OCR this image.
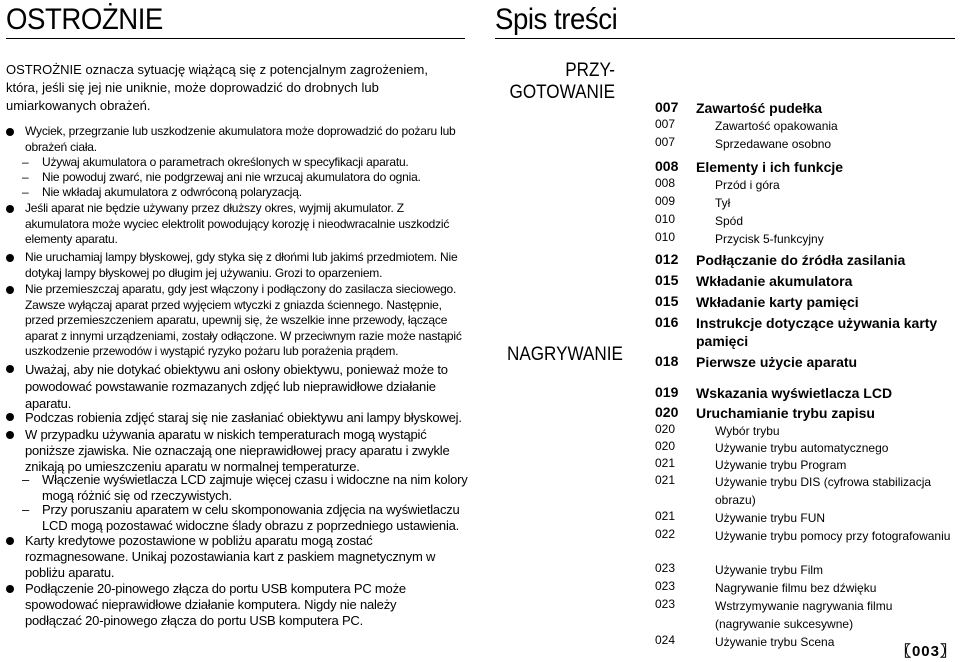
OSTROŻNIE
OSTROŻNIE oznacza sytuację wiążącą się z potencjalnym zagrożeniem, która, jeśli się jej nie uniknie, może doprowadzić do drobnych lub umiarkowanych obrażeń.
Wyciek, przegrzanie lub uszkodzenie akumulatora może doprowadzić do pożaru lub obrażeń ciała.
– Używaj akumulatora o parametrach określonych w specyfikacji aparatu.
– Nie powoduj zwarć, nie podgrzewaj ani nie wrzucaj akumulatora do ognia.
– Nie wkładaj akumulatora z odwróconą polaryzacją.
Jeśli aparat nie będzie używany przez dłuższy okres, wyjmij akumulator. Z akumulatora może wyciec elektrolit powodujący korozję i nieodwracalnie uszkodzić elementy aparatu.
Nie uruchamiaj lampy błyskowej, gdy styka się z dłońmi lub jakimś przedmiotem. Nie dotykaj lampy błyskowej po długim jej używaniu. Grozi to oparzeniem.
Nie przemieszczaj aparatu, gdy jest włączony i podłączony do zasilacza sieciowego. Zawsze wyłączaj aparat przed wyjęciem wtyczki z gniazda ściennego. Następnie, przed przemieszczeniem aparatu, upewnij się, że wszelkie inne przewody, łączące aparat z innymi urządzeniami, zostały odłączone. W przeciwnym razie może nastąpić uszkodzenie przewodów i wystąpić ryzyko pożaru lub porażenia prądem.
Uważaj, aby nie dotykać obiektywu ani osłony obiektywu, ponieważ może to powodować powstawanie rozmazanych zdjęć lub nieprawidłowe działanie aparatu.
Podczas robienia zdjęć staraj się nie zasłaniać obiektywu ani lampy błyskowej.
W przypadku używania aparatu w niskich temperaturach mogą wystąpić poniższe zjawiska. Nie oznaczają one nieprawidłowej pracy aparatu i zwykle znikają po umieszczeniu aparatu w normalnej temperaturze.
– Włączenie wyświetlacza LCD zajmuje więcej czasu i widoczne na nim kolory mogą różnić się od rzeczywistych.
– Przy poruszaniu aparatem w celu skomponowania zdjęcia na wyświetlaczu LCD mogą pozostawać widoczne ślady obrazu z poprzedniego ustawienia.
Karty kredytowe pozostawione w pobliżu aparatu mogą zostać rozmagnesowane. Unikaj pozostawiania kart z paskiem magnetycznym w pobliżu aparatu.
Podłączenie 20-pinowego złącza do portu USB komputera PC może spowodować nieprawidłowe działanie komputera. Nigdy nie należy podłączać 20-pinowego złącza do portu USB komputera PC.
Spis treści
PRZY-
GOTOWANIE
NAGRYWANIE
007 Zawartość pudełka
007	Zawartość opakowania
007	Sprzedawane osobno
008 Elementy i ich funkcje
008	Przód i góra
009	Tył
010	Spód
010	Przycisk 5-funkcyjny
012 Podłączanie do źródła zasilania
015 Wkładanie akumulatora
015 Wkładanie karty pamięci
016 Instrukcje dotyczące używania karty pamięci
018 Pierwsze użycie aparatu
019 Wskazania wyświetlacza LCD
020 Uruchamianie trybu zapisu
020	Wybór trybu
020	Używanie trybu automatycznego
021	Używanie trybu Program
021	Używanie trybu DIS (cyfrowa stabilizacja obrazu)
021	Używanie trybu FUN
022	Używanie trybu pomocy przy fotografowaniu
023	Używanie trybu Film
023	Nagrywanie filmu bez dźwięku
023	Wstrzymywanie nagrywania filmu (nagrywanie sukcesywne)
024	Używanie trybu Scena
〖003〗
